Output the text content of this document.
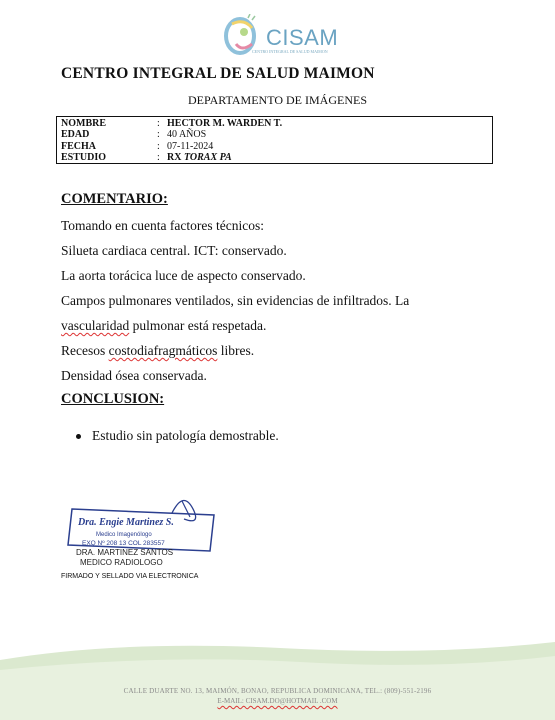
CISAM
CENTRO INTEGRAL DE SALUD MAIMON
CENTRO INTEGRAL DE SALUD MAIMON
DEPARTAMENTO DE IMÁGENES
NOMBRE	: HECTOR M. WARDEN T.
EDAD	: 40 AÑOS
FECHA	: 07-11-2024
ESTUDIO	: RX TORAX PA
COMENTARIO:
Tomando en cuenta factores técnicos:
Silueta cardiaca central. ICT: conservado.
La aorta torácica luce de aspecto conservado.
Campos pulmonares ventilados, sin evidencias de infiltrados. La
vascularidad pulmonar está respetada.
Recesos costodiafragmáticos libres.
Densidad ósea conservada.
CONCLUSION:
Estudio sin patología demostrable.
Dra. Engie Martinez S.
Medico Imagenólogo
EXQ Nº 208 13 COL 283557
DRA. MARTINEZ SANTOS
MEDICO RADIOLOGO
FIRMADO Y SELLADO VIA ELECTRONICA
CALLE DUARTE NO. 13, MAIMÓN, BONAO, REPUBLICA DOMINICANA, TEL.: (809)-551-2196
E-MAIL: CISAM.DO@HOTMAIL .COM
